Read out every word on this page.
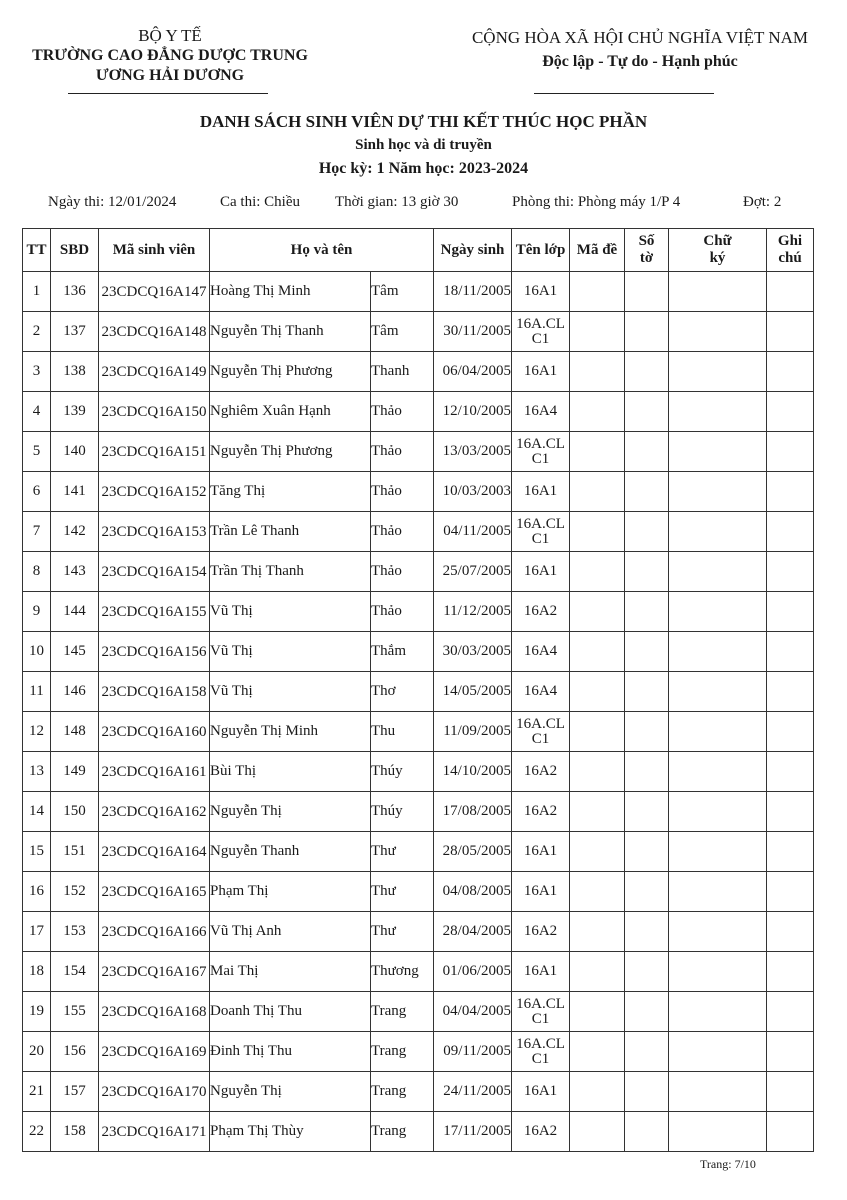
BỘ Y TẾ
TRƯỜNG CAO ĐẲNG DƯỢC TRUNG
ƯƠNG HẢI DƯƠNG
CỘNG HÒA XÃ HỘI CHỦ NGHĨA VIỆT NAM
Độc lập - Tự do - Hạnh phúc
DANH SÁCH SINH VIÊN DỰ THI KẾT THÚC HỌC PHẦN
Sinh học và di truyền
Học kỳ: 1 Năm học: 2023-2024
Ngày thi: 12/01/2024	Ca thi: Chiều Thời gian: 13 giờ 30	Phòng thi: Phòng máy 1/P 4	Đợt: 2
TT	SBD	Mã sinh viên	Họ và tên		Ngày sinh	Tên lớp	Mã đề	Số tờ	Chữ ký	Ghi chú
1	136	23CDCQ16A147	Hoàng Thị Minh	Tâm	18/11/2005	16A1				
2	137	23CDCQ16A148	Nguyễn Thị Thanh	Tâm	30/11/2005	16A.CLC1				
3	138	23CDCQ16A149	Nguyễn Thị Phương	Thanh	06/04/2005	16A1				
4	139	23CDCQ16A150	Nghiêm Xuân Hạnh	Thảo	12/10/2005	16A4				
5	140	23CDCQ16A151	Nguyễn Thị Phương	Thảo	13/03/2005	16A.CLC1				
6	141	23CDCQ16A152	Tăng Thị	Thảo	10/03/2003	16A1				
7	142	23CDCQ16A153	Trần Lê Thanh	Thảo	04/11/2005	16A.CLC1				
8	143	23CDCQ16A154	Trần Thị Thanh	Thảo	25/07/2005	16A1				
9	144	23CDCQ16A155	Vũ Thị	Thảo	11/12/2005	16A2				
10	145	23CDCQ16A156	Vũ Thị	Thắm	30/03/2005	16A4				
11	146	23CDCQ16A158	Vũ Thị	Thơ	14/05/2005	16A4				
12	148	23CDCQ16A160	Nguyễn Thị Minh	Thu	11/09/2005	16A.CLC1				
13	149	23CDCQ16A161	Bùi Thị	Thúy	14/10/2005	16A2				
14	150	23CDCQ16A162	Nguyễn Thị	Thúy	17/08/2005	16A2				
15	151	23CDCQ16A164	Nguyễn Thanh	Thư	28/05/2005	16A1				
16	152	23CDCQ16A165	Phạm Thị	Thư	04/08/2005	16A1				
17	153	23CDCQ16A166	Vũ Thị Anh	Thư	28/04/2005	16A2				
18	154	23CDCQ16A167	Mai Thị	Thương	01/06/2005	16A1				
19	155	23CDCQ16A168	Doanh Thị Thu	Trang	04/04/2005	16A.CLC1				
20	156	23CDCQ16A169	Đinh Thị Thu	Trang	09/11/2005	16A.CLC1				
21	157	23CDCQ16A170	Nguyễn Thị	Trang	24/11/2005	16A1				
22	158	23CDCQ16A171	Phạm Thị Thùy	Trang	17/11/2005	16A2				
Trang: 7/10
